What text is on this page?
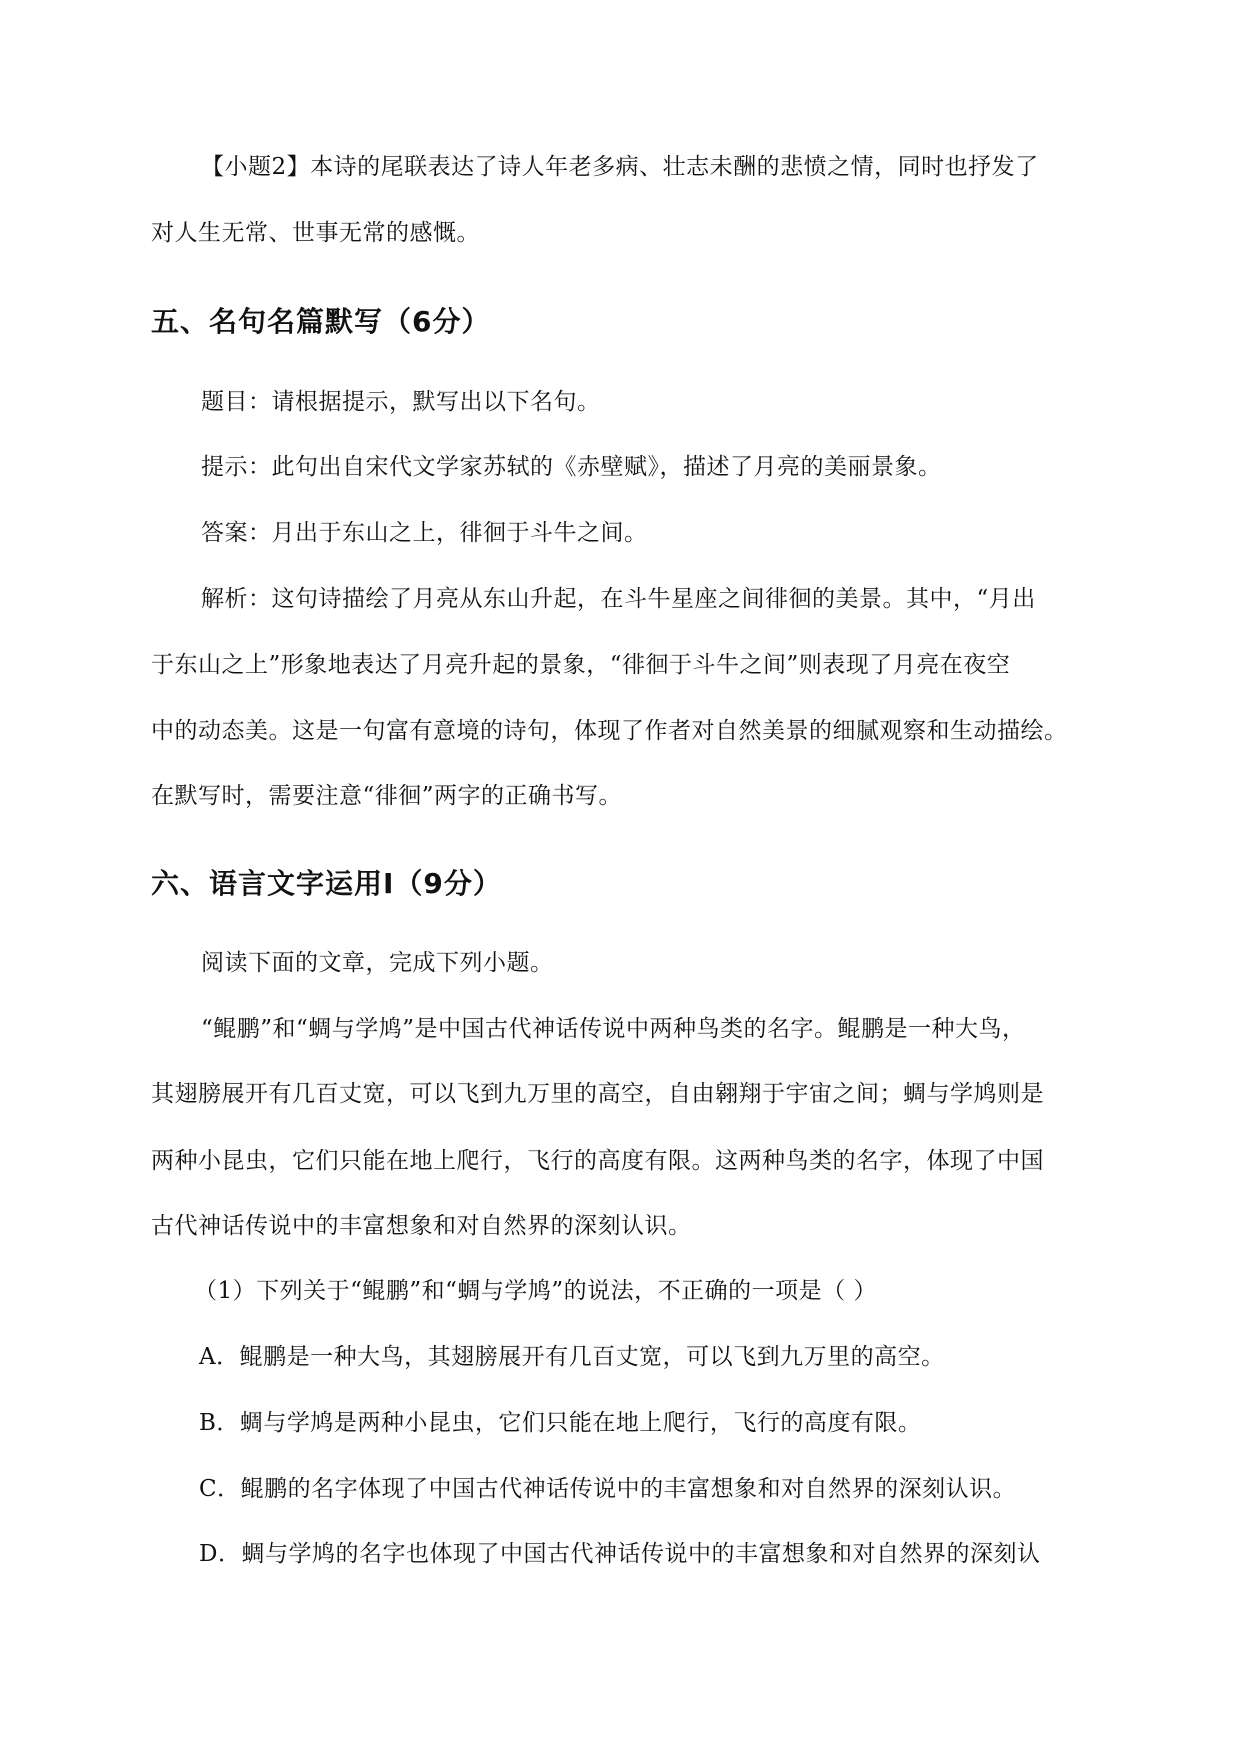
【小题2】本诗的尾联表达了诗人年老多病、壮志未酬的悲愤之情，同时也抒发了

对人生无常、世事无常的感慨。

五、名句名篇默写（6分）

题目：请根据提示，默写出以下名句。

提示：此句出自宋代文学家苏轼的《赤壁赋》，描述了月亮的美丽景象。

答案：月出于东山之上，徘徊于斗牛之间。

解析：这句诗描绘了月亮从东山升起，在斗牛星座之间徘徊的美景。其中，“月出

于东山之上”形象地表达了月亮升起的景象，“徘徊于斗牛之间”则表现了月亮在夜空

中的动态美。这是一句富有意境的诗句，体现了作者对自然美景的细腻观察和生动描绘。

在默写时，需要注意“徘徊”两字的正确书写。

六、语言文字运用Ⅰ（9分）

阅读下面的文章，完成下列小题。

“鲲鹏”和“蜩与学鸠”是中国古代神话传说中两种鸟类的名字。鲲鹏是一种大鸟，

其翅膀展开有几百丈宽，可以飞到九万里的高空，自由翱翔于宇宙之间；蜩与学鸠则是

两种小昆虫，它们只能在地上爬行，飞行的高度有限。这两种鸟类的名字，体现了中国

古代神话传说中的丰富想象和对自然界的深刻认识。

（1）下列关于“鲲鹏”和“蜩与学鸠”的说法，不正确的一项是（ ）

A．鲲鹏是一种大鸟，其翅膀展开有几百丈宽，可以飞到九万里的高空。

B．蜩与学鸠是两种小昆虫，它们只能在地上爬行，飞行的高度有限。

C．鲲鹏的名字体现了中国古代神话传说中的丰富想象和对自然界的深刻认识。

D．蜩与学鸠的名字也体现了中国古代神话传说中的丰富想象和对自然界的深刻认
